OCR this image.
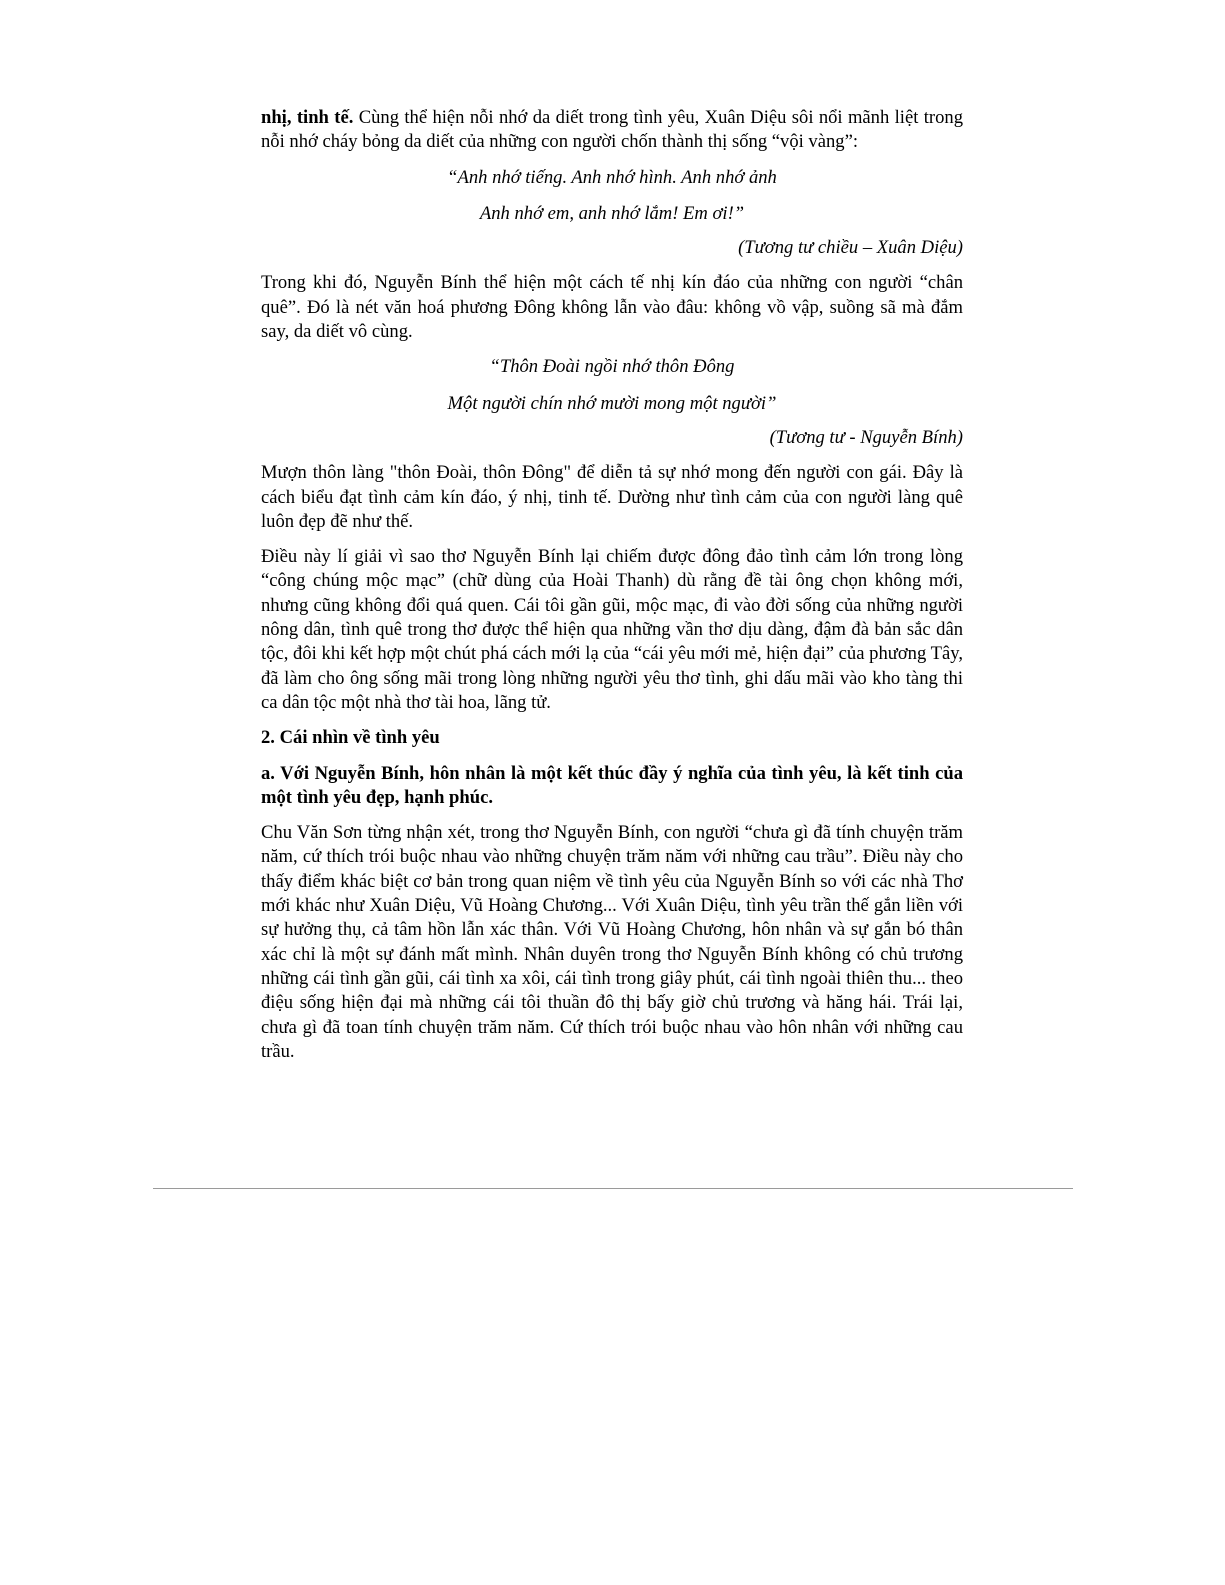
nhị, tinh tế. Cùng thể hiện nỗi nhớ da diết trong tình yêu, Xuân Diệu sôi nổi mãnh liệt trong nỗi nhớ cháy bỏng da diết của những con người chốn thành thị sống “vội vàng”:

“Anh nhớ tiếng. Anh nhớ hình. Anh nhớ ảnh

Anh nhớ em, anh nhớ lắm! Em ơi!”

(Tương tư chiều – Xuân Diệu)

Trong khi đó, Nguyễn Bính thể hiện một cách tế nhị kín đáo của những con người “chân quê”. Đó là nét văn hoá phương Đông không lẫn vào đâu: không vồ vập, suồng sã mà đắm say, da diết vô cùng.

“Thôn Đoài ngồi nhớ thôn Đông

Một người chín nhớ mười mong một người”

(Tương tư - Nguyễn Bính)

Mượn thôn làng "thôn Đoài, thôn Đông" để diễn tả sự nhớ mong đến người con gái. Đây là cách biểu đạt tình cảm kín đáo, ý nhị, tinh tế. Dường như tình cảm của con người làng quê luôn đẹp đẽ như thế.

Điều này lí giải vì sao thơ Nguyễn Bính lại chiếm được đông đảo tình cảm lớn trong lòng “công chúng mộc mạc” (chữ dùng của Hoài Thanh) dù rằng đề tài ông chọn không mới, nhưng cũng không đổi quá quen. Cái tôi gần gũi, mộc mạc, đi vào đời sống của những người nông dân, tình quê trong thơ được thể hiện qua những vần thơ dịu dàng, đậm đà bản sắc dân tộc, đôi khi kết hợp một chút phá cách mới lạ của “cái yêu mới mẻ, hiện đại” của phương Tây, đã làm cho ông sống mãi trong lòng những người yêu thơ tình, ghi dấu mãi vào kho tàng thi ca dân tộc một nhà thơ tài hoa, lãng tử.

2. Cái nhìn về tình yêu

a. Với Nguyễn Bính, hôn nhân là một kết thúc đầy ý nghĩa của tình yêu, là kết tinh của một tình yêu đẹp, hạnh phúc.

Chu Văn Sơn từng nhận xét, trong thơ Nguyễn Bính, con người “chưa gì đã tính chuyện trăm năm, cứ thích trói buộc nhau vào những chuyện trăm năm với những cau trầu”. Điều này cho thấy điểm khác biệt cơ bản trong quan niệm về tình yêu của Nguyễn Bính so với các nhà Thơ mới khác như Xuân Diệu, Vũ Hoàng Chương... Với Xuân Diệu, tình yêu trần thế gắn liền với sự hưởng thụ, cả tâm hồn lẫn xác thân. Với Vũ Hoàng Chương, hôn nhân và sự gắn bó thân xác chỉ là một sự đánh mất mình. Nhân duyên trong thơ Nguyễn Bính không có chủ trương những cái tình gần gũi, cái tình xa xôi, cái tình trong giây phút, cái tình ngoài thiên thu... theo điệu sống hiện đại mà những cái tôi thuần đô thị bấy giờ chủ trương và hăng hái. Trái lại, chưa gì đã toan tính chuyện trăm năm. Cứ thích trói buộc nhau vào hôn nhân với những cau trầu.
